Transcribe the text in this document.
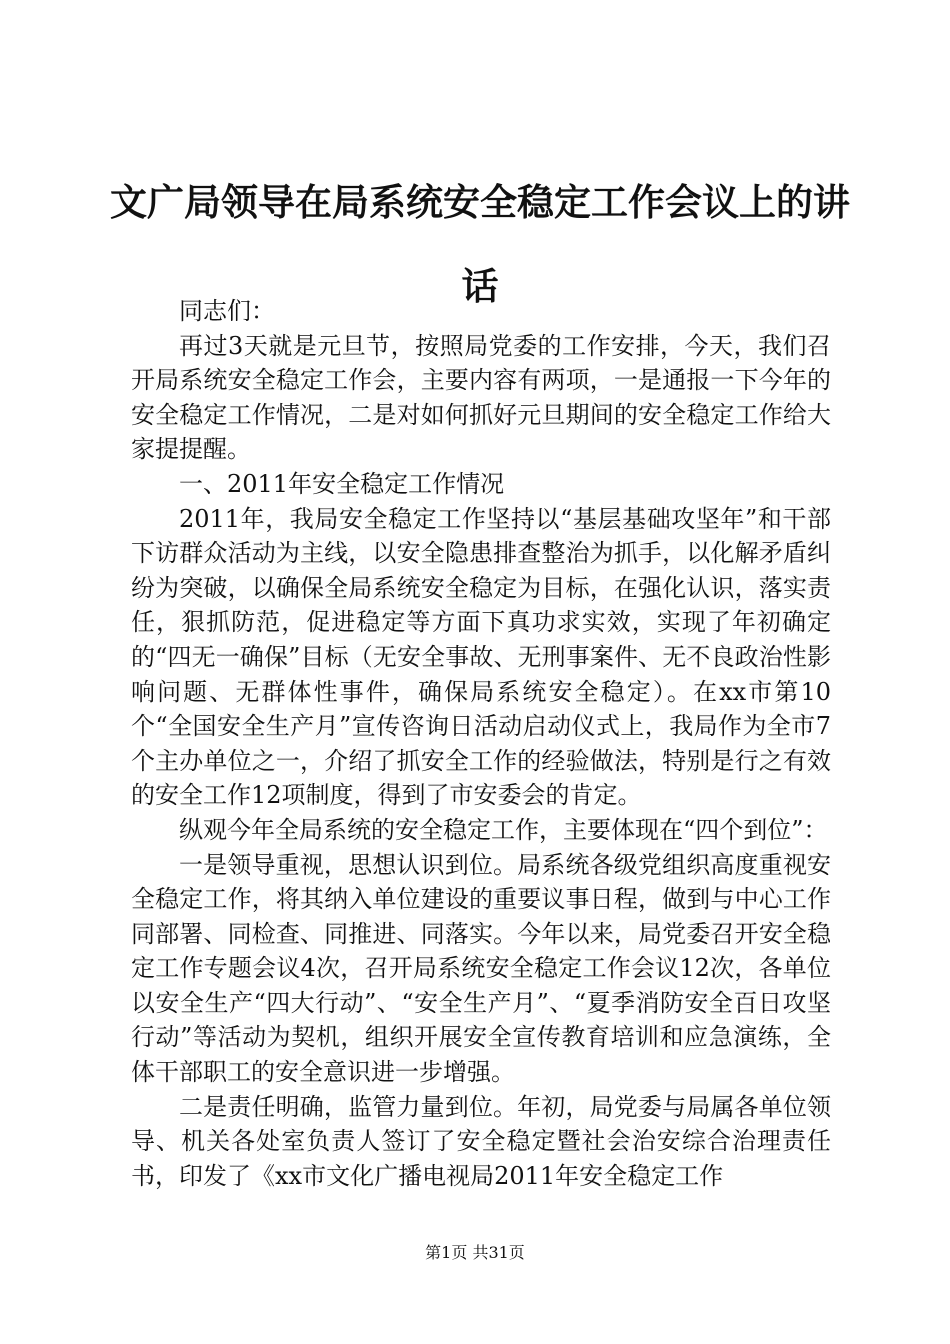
文广局领导在局系统安全稳定工作会议上的讲话

同志们：

再过3天就是元旦节，按照局党委的工作安排，今天，我们召开局系统安全稳定工作会，主要内容有两项，一是通报一下今年的安全稳定工作情况，二是对如何抓好元旦期间的安全稳定工作给大家提提醒。

一、2011年安全稳定工作情况

2011年，我局安全稳定工作坚持以“基层基础攻坚年”和干部下访群众活动为主线，以安全隐患排查整治为抓手，以化解矛盾纠纷为突破，以确保全局系统安全稳定为目标，在强化认识，落实责任，狠抓防范，促进稳定等方面下真功求实效，实现了年初确定的“四无一确保”目标（无安全事故、无刑事案件、无不良政治性影响问题、无群体性事件，确保局系统安全稳定）。在xx市第10个“全国安全生产月”宣传咨询日活动启动仪式上，我局作为全市7个主办单位之一，介绍了抓安全工作的经验做法，特别是行之有效的安全工作12项制度，得到了市安委会的肯定。

纵观今年全局系统的安全稳定工作，主要体现在“四个到位”：

一是领导重视，思想认识到位。局系统各级党组织高度重视安全稳定工作，将其纳入单位建设的重要议事日程，做到与中心工作同部署、同检查、同推进、同落实。今年以来，局党委召开安全稳定工作专题会议4次，召开局系统安全稳定工作会议12次，各单位以安全生产“四大行动”、“安全生产月”、“夏季消防安全百日攻坚行动”等活动为契机，组织开展安全宣传教育培训和应急演练，全体干部职工的安全意识进一步增强。

二是责任明确，监管力量到位。年初，局党委与局属各单位领导、机关各处室负责人签订了安全稳定暨社会治安综合治理责任书，印发了《xx市文化广播电视局2011年安全稳定工作

第1页 共31页
